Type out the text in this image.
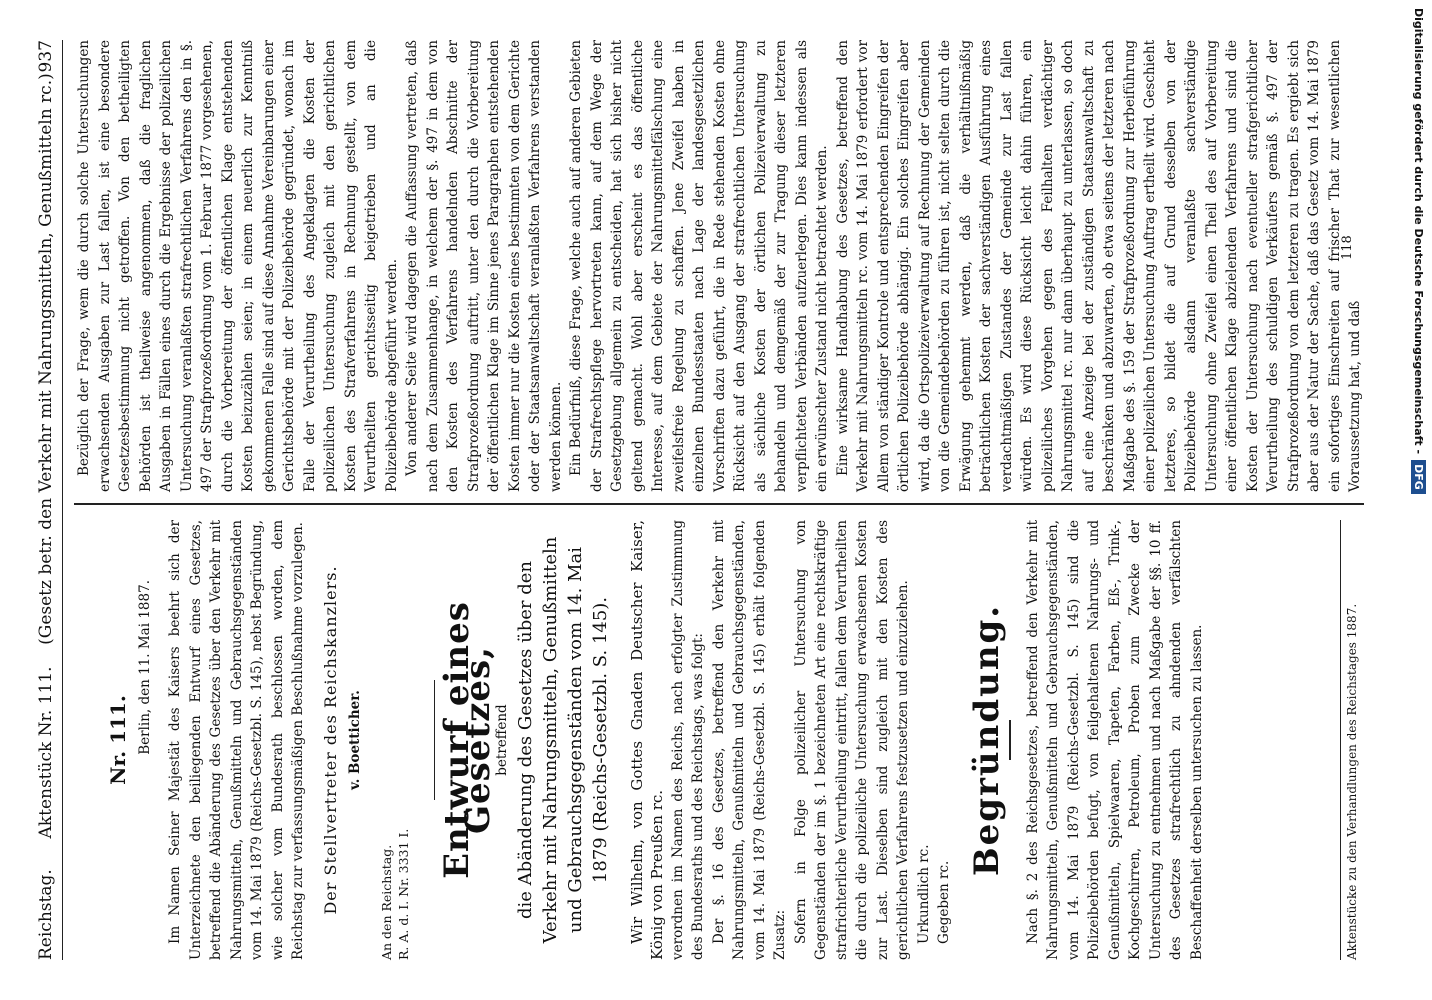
Reichstag.
Aktenstück Nr. 111.    (Gesetz betr. den Verkehr mit Nahrungsmitteln, Genußmitteln rc.)
937
Nr. 111. Berlin, den 11. Mai 1887. Im Namen Seiner Majestät des Kaisers beehrt sich der Unterzeichnete den beiliegenden Entwurf eines Gesetzes, betreffend die Abänderung des Gesetzes über den Verkehr mit Nahrungsmitteln, Genußmitteln und Gebrauchsgegenständen vom 14. Mai 1879 (Reichs-Gesetzbl. S. 145), nebst Begründung, wie solcher vom Bundesrath beschlossen worden, dem Reichstag zur verfassungsmäßigen Beschlußnahme vorzulegen. Der Stellvertreter des Reichskanzlers. v. Boetticher.
An den Reichstag. R. A. d. I. Nr. 3331 I.
Entwurf eines Gesetzes,
betreffend die Abänderung des Gesetzes über den Verkehr mit Nahrungsmitteln, Genußmitteln und Gebrauchsgegenständen vom 14. Mai 1879 (Reichs-Gesetzbl. S. 145). Wir Wilhelm, von Gottes Gnaden Deutscher Kaiser, König von Preußen rc. verordnen im Namen des Reichs, nach erfolgter Zustimmung des Bundesraths und des Reichstags, was folgt: Der §. 16 des Gesetzes, betreffend den Verkehr mit Nahrungsmitteln, Genußmitteln und Gebrauchsgegenständen, vom 14. Mai 1879 (Reichs-Gesetzbl. S. 145) erhält folgenden Zusatz: Sofern in Folge polizeilicher Untersuchung von Gegenständen der im §. 1 bezeichneten Art eine rechtskräftige strafrichterliche Verurtheilung eintritt, fallen dem Verurtheilten die durch die polizeiliche Untersuchung erwachsenen Kosten zur Last. Dieselben sind zugleich mit den Kosten des gerichtlichen Verfahrens festzusetzen und einzuziehen. Urkundlich rc. Gegeben rc.
Begründung. Nach §. 2 des Reichsgesetzes, betreffend den Verkehr mit Nahrungsmitteln, Genußmitteln und Gebrauchsgegenständen, vom 14. Mai 1879 (Reichs-Gesetzbl. S. 145) sind die Polizeibehörden befugt, von feilgehaltenen Nahrungs- und Genußmitteln, Spielwaaren, Tapeten, Farben, Eß-, Trink-, Kochgeschirren, Petroleum, Proben zum Zwecke der Untersuchung zu entnehmen und nach Maßgabe der §§. 10 ff. des Gesetzes strafrechtlich zu ahndenden verfälschten Beschaffenheit derselben untersuchen zu lassen.

Bezüglich der Frage, wem die durch solche Untersuchungen erwachsenden Ausgaben zur Last fallen, ist eine besondere Gesetzesbestimmung nicht getroffen. Von den betheiligten Behörden ist theilweise angenommen, daß die fraglichen Ausgaben in Fällen eines durch die Ergebnisse der polizeilichen Untersuchung veranlaßten strafrechtlichen Verfahrens den in §. 497 der Strafprozeßordnung vom 1. Februar 1877 vorgesehenen, durch die Vorbereitung der öffentlichen Klage entstehenden Kosten beizuzählen seien; in einem neuerlich zur Kenntniß gekommenen Falle sind auf diese Annahme Vereinbarungen einer Gerichtsbehörde mit der Polizeibehörde gegründet, wonach im Falle der Verurtheilung des Angeklagten die Kosten der polizeilichen Untersuchung zugleich mit den gerichtlichen Kosten des Strafverfahrens in Rechnung gestellt, von dem Verurtheilten gerichtsseitig beigetrieben und an die Polizeibehörde abgeführt werden. Von anderer Seite wird dagegen die Auffassung vertreten, daß nach dem Zusammenhange, in welchem der §. 497 in dem von den Kosten des Verfahrens handelnden Abschnitte der Strafprozeßordnung auftritt, unter den durch die Vorbereitung der öffentlichen Klage im Sinne jenes Paragraphen entstehenden Kosten immer nur die Kosten eines bestimmten von dem Gerichte oder der Staatsanwaltschaft veranlaßten Verfahrens verstanden werden können. Ein Bedürfniß, diese Frage, welche auch auf anderen Gebieten der Strafrechtspflege hervortreten kann, auf dem Wege der Gesetzgebung allgemein zu entscheiden, hat sich bisher nicht geltend gemacht. Wohl aber erscheint es das öffentliche Interesse, auf dem Gebiete der Nahrungsmittelfälschung eine zweifelsfreie Regelung zu schaffen. Jene Zweifel haben in einzelnen Bundesstaaten nach Lage der landesgesetzlichen Vorschriften dazu geführt, die in Rede stehenden Kosten ohne Rücksicht auf den Ausgang der strafrechtlichen Untersuchung als sächliche Kosten der örtlichen Polizeiverwaltung zu behandeln und demgemäß der zur Tragung dieser letzteren verpflichteten Verbänden aufzuerlegen. Dies kann indessen als ein erwünschter Zustand nicht betrachtet werden. Eine wirksame Handhabung des Gesetzes, betreffend den Verkehr mit Nahrungsmitteln rc. vom 14. Mai 1879 erfordert vor Allem von ständiger Kontrole und entsprechenden Eingreifen der örtlichen Polizeibehörde abhängig. Ein solches Eingreifen aber wird, da die Ortspolizeiverwaltung auf Rechnung der Gemeinden von die Gemeindebehörden zu führen ist, nicht selten durch die Erwägung gehemmt werden, daß die verhältnißmäßig beträchtlichen Kosten der sachverständigen Ausführung eines verdachtmäßigen Zustandes der Gemeinde zur Last fallen würden. Es wird diese Rücksicht leicht dahin führen, ein polizeiliches Vorgehen gegen des Feilhalten verdächtiger Nahrungsmittel rc. nur dann überhaupt zu unterlassen, so doch auf eine Anzeige bei der zuständigen Staatsanwaltschaft zu beschränken und abzuwarten, ob etwa seitens der letzteren nach Maßgabe des §. 159 der Strafprozeßordnung zur Herbeiführung einer polizeilichen Untersuchung Auftrag ertheilt wird. Geschieht letzteres, so bildet die auf Grund desselben von der Polizeibehörde alsdann veranlaßte sachverständige Untersuchung ohne Zweifel einen Theil des auf Vorbereitung einer öffentlichen Klage abzielenden Verfahrens und sind die Kosten der Untersuchung nach eventueller strafgerichtlicher Verurtheilung des schuldigen Verkäufers gemäß §. 497 der Strafprozeßordnung von dem letzteren zu tragen. Es ergiebt sich aber aus der Natur der Sache, daß das Gesetz vom 14. Mai 1879 ein sofortiges Einschreiten auf frischer That zur wesentlichen Voraussetzung hat, und daß

Aktenstücke zu den Verhandlungen des Reichstages 1887.
118	Digitalisierung gefördert durch die Deutsche Forschungsgemeinschaft -
DFG
